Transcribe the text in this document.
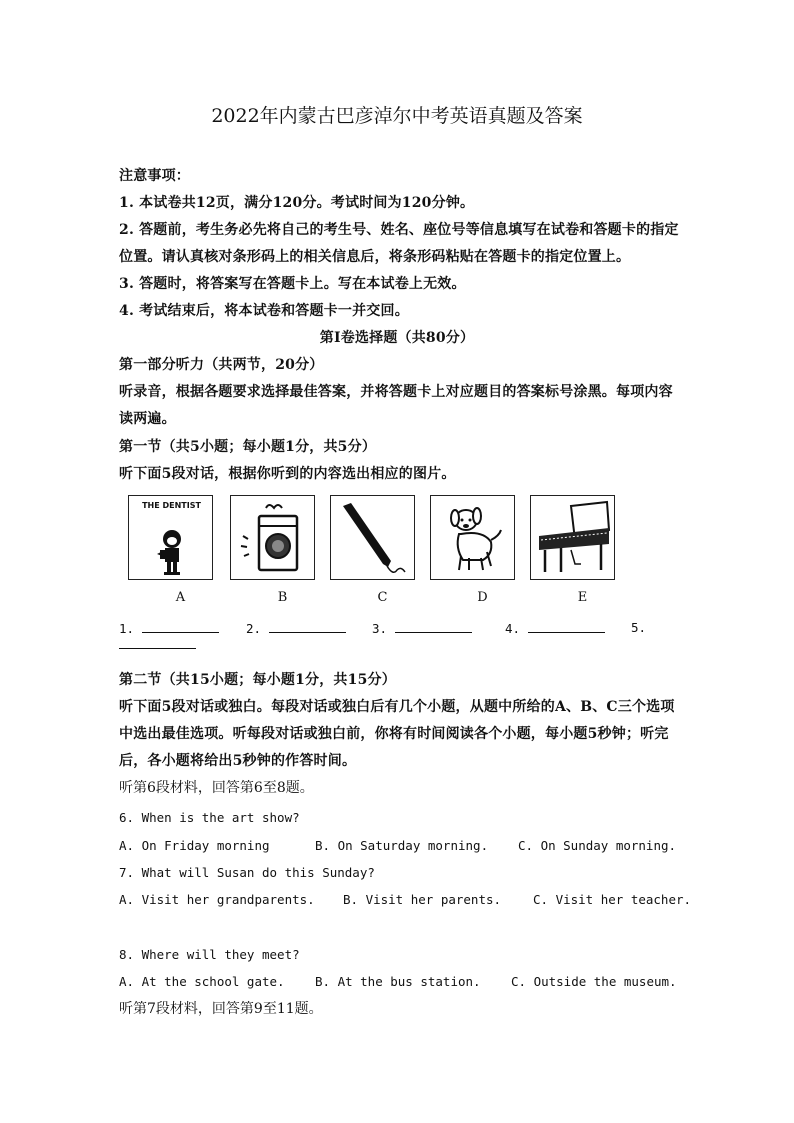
2022年内蒙古巴彦淖尔中考英语真题及答案
注意事项：
1. 本试卷共12页，满分120分。考试时间为120分钟。
2. 答题前，考生务必先将自己的考生号、姓名、座位号等信息填写在试卷和答题卡的指定
位置。请认真核对条形码上的相关信息后，将条形码粘贴在答题卡的指定位置上。
3. 答题时，将答案写在答题卡上。写在本试卷上无效。
4. 考试结束后，将本试卷和答题卡一并交回。
第Ⅰ卷选择题（共80分）
第一部分听力（共两节，20分）
听录音，根据各题要求选择最佳答案，并将答题卡上对应题目的答案标号涂黑。每项内容
读两遍。
第一节（共5小题；每小题1分，共5分）
听下面5段对话，根据你听到的内容选出相应的图片。
THE DENTIST
A	B	C	D	E
1.	2.	3.	4.	5.
第二节（共15小题；每小题1分，共15分）
听下面5段对话或独白。每段对话或独白后有几个小题，从题中所给的A、B、C三个选项
中选出最佳选项。听每段对话或独白前，你将有时间阅读各个小题，每小题5秒钟；听完
后，各小题将给出5秒钟的作答时间。
听第6段材料，回答第6至8题。
6. When is the art show?
A. On Friday morning	B. On Saturday morning. C. On Sunday morning.
7. What will Susan do this Sunday?
A. Visit her grandparents. B. Visit her parents.	C. Visit her teacher.
8. Where will they meet?
A. At the school gate. B. At the bus station. C. Outside the museum.
听第7段材料，回答第9至11题。
